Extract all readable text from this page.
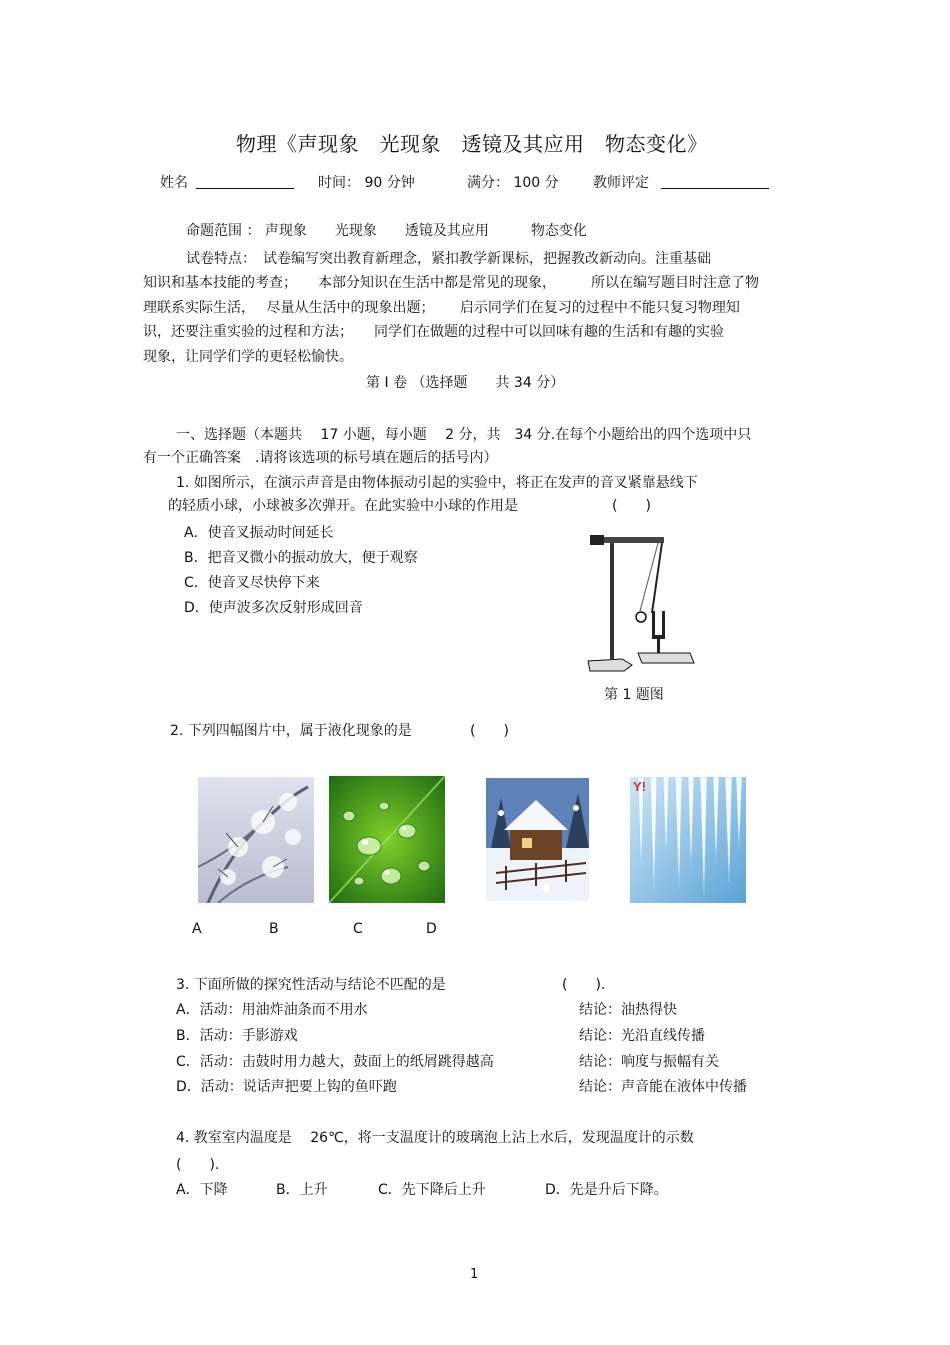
物理《声现象　光现象　透镜及其应用　物态变化》
姓名	时间： 90 分钟	满分： 100 分 教师评定
命题范围 ： 声现象　　光现象　　透镜及其应用　　　物态变化
试卷特点：　试卷编写突出教育新理念，紧扣教学新课标，把握教改新动向。注重基础
知识和基本技能的考查；　　本部分知识在生活中都是常见的现象，　　　所以在编写题目时注意了物
理联系实际生活，　 尽量从生活中的现象出题；　　 启示同学们在复习的过程中不能只复习物理知
识，还要注重实验的过程和方法；　　同学们在做题的过程中可以回味有趣的生活和有趣的实验
现象，让同学们学的更轻松愉快。
第 Ⅰ 卷 （选择题　　共 34 分）
一、选择题（本题共　 17 小题，每小题　 2 分，共　34 分.在每个小题给出的四个选项中只
有一个正确答案　.请将该选项的标号填在题后的括号内）
1. 如图所示，在演示声音是由物体振动引起的实验中，将正在发声的音叉紧靠悬线下
的轻质小球，小球被多次弹开。在此实验中小球的作用是	(　　)
A．使音叉振动时间延长
B．把音叉微小的振动放大，便于观察
C．使音叉尽快停下来
D．使声波多次反射形成回音
第 1 题图
2. 下列四幅图片中，属于液化现象的是	(　　)
Y!
A	B	C	D
3. 下面所做的探究性活动与结论不匹配的是	(　　).
A．活动：用油炸油条而不用水	结论：油热得快
B．活动：手影游戏	结论：光沿直线传播
C．活动：击鼓时用力越大，鼓面上的纸屑跳得越高	结论：响度与振幅有关
D．活动：说话声把要上钩的鱼吓跑	结论：声音能在液体中传播
4. 教室室内温度是　 26℃，将一支温度计的玻璃泡上沾上水后，发现温度计的示数
(　　).
A．下降	B．上升	C．先下降后上升	D．先是升后下降。
1
